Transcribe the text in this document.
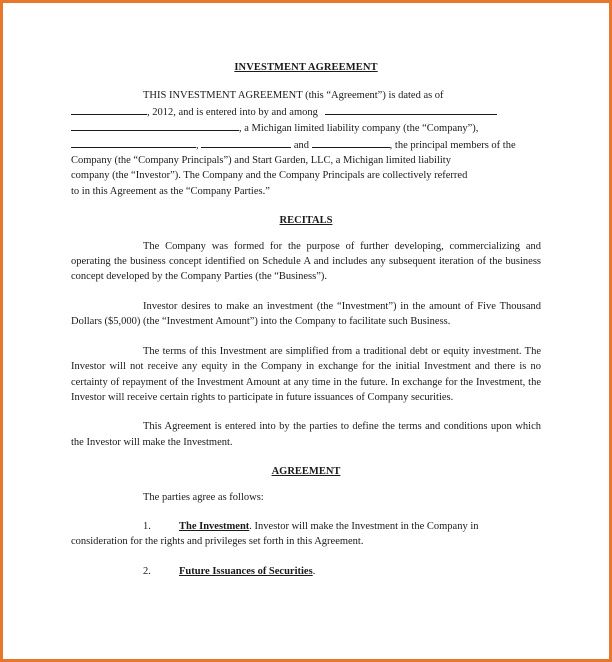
INVESTMENT AGREEMENT

THIS INVESTMENT AGREEMENT (this “Agreement”) is dated as of
, 2012, and is entered into by and among
, a Michigan limited liability company (the “Company”),
,	and	, the principal members of the
Company (the “Company Principals”) and Start Garden, LLC, a Michigan limited liability
company (the “Investor”). The Company and the Company Principals are collectively referred
to in this Agreement as the “Company Parties.”

RECITALS

The Company was formed for the purpose of further developing, commercializing and operating the business concept identified on Schedule A and includes any subsequent iteration of the business concept developed by the Company Parties (the “Business”).

Investor desires to make an investment (the “Investment”) in the amount of Five Thousand Dollars ($5,000) (the “Investment Amount”) into the Company to facilitate such Business.

The terms of this Investment are simplified from a traditional debt or equity investment. The Investor will not receive any equity in the Company in exchange for the initial Investment and there is no certainty of repayment of the Investment Amount at any time in the future. In exchange for the Investment, the Investor will receive certain rights to participate in future issuances of Company securities.

This Agreement is entered into by the parties to define the terms and conditions upon which the Investor will make the Investment.

AGREEMENT

The parties agree as follows:

1.	The Investment. Investor will make the Investment in the Company in
consideration for the rights and privileges set forth in this Agreement.

2.	Future Issuances of Securities.
